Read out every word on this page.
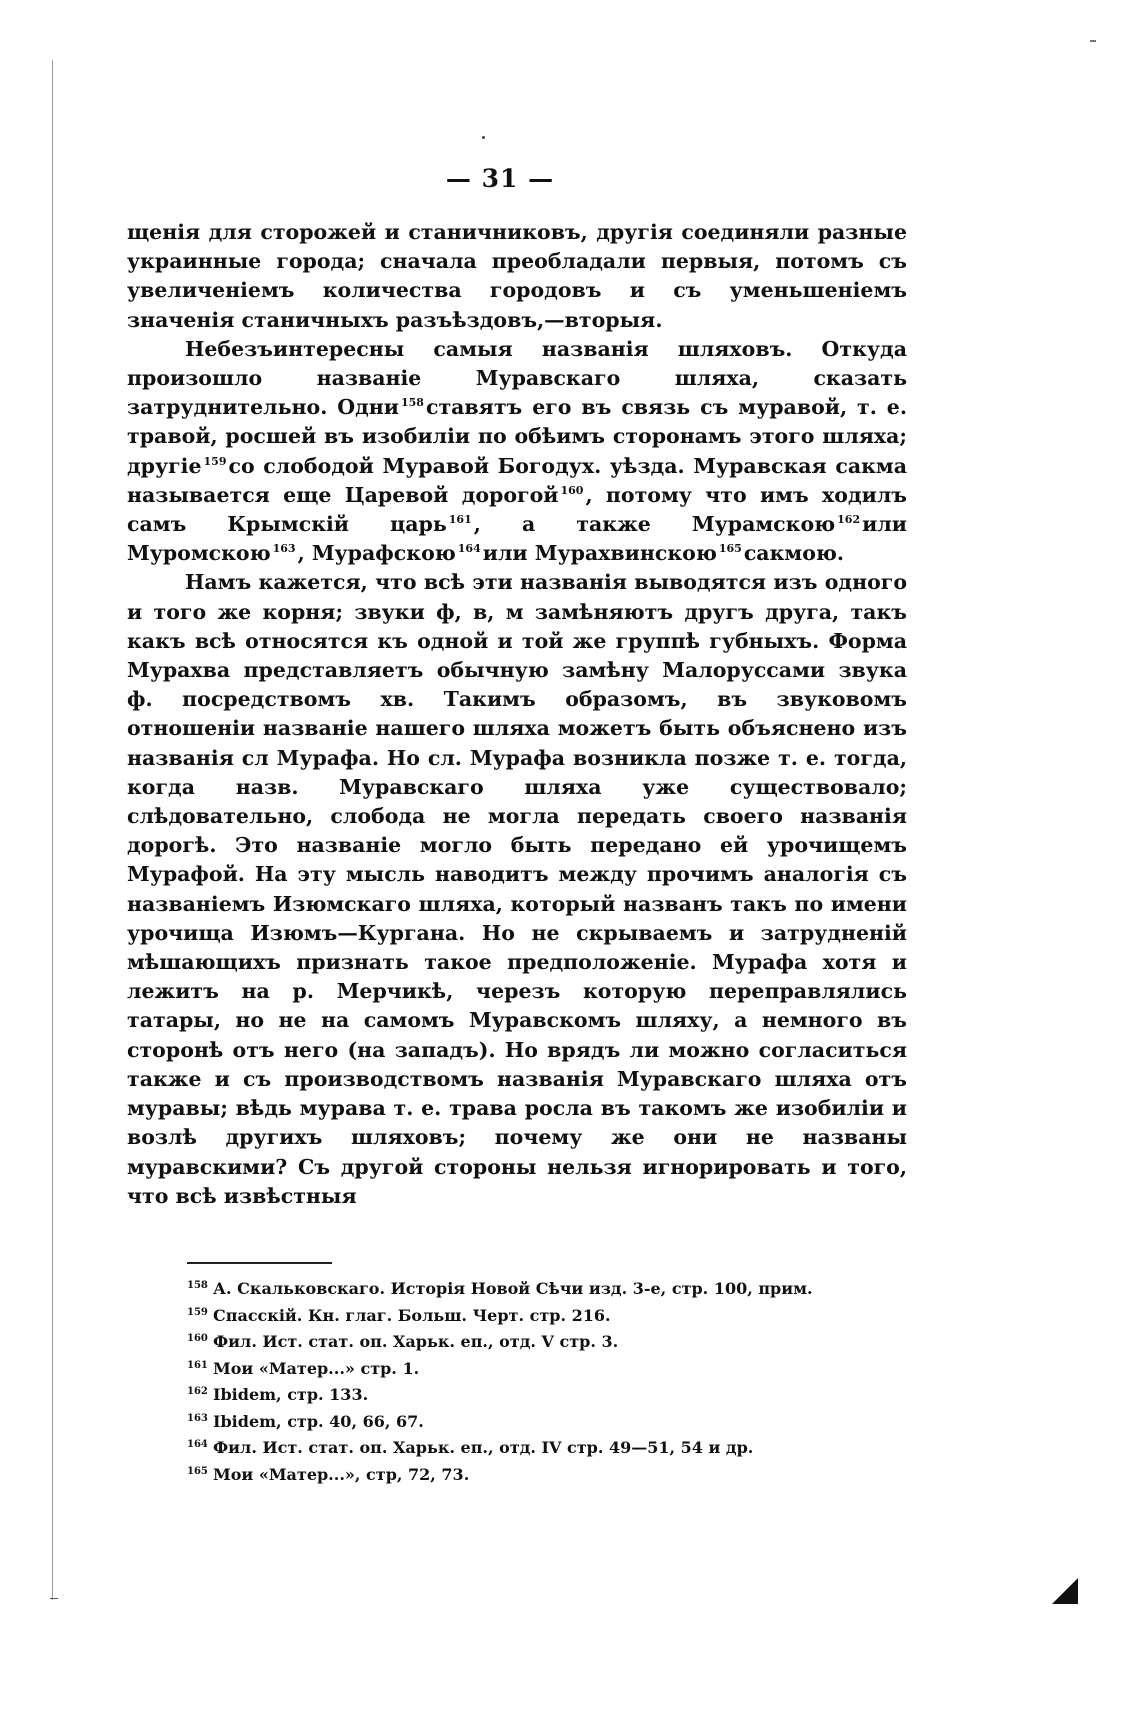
— 31 —

щенія для сторожей и станичниковъ, другія соединяли разные украинные города; сначала преобладали первыя, потомъ съ увеличеніемъ количества городовъ и съ уменьшеніемъ значенія станичныхъ разъѣздовъ,—вторыя.

Небезъинтересны самыя названія шляховъ. Откуда произошло названіе Муравскаго шляха, сказать затруднительно. Одни $^{158}$ставятъ его въ связь съ муравой, т. е. травой, росшей въ изобиліи по обѣимъ сторонамъ этого шляха; другіе $^{159}$со слободой Муравой Богодух. уѣзда. Муравская сакма называется еще Царевой дорогой $^{160}$, потому что имъ ходилъ самъ Крымскій царь $^{161}$, а также Мурамскою $^{162}$или Муромскою $^{163}$, Мурафскою $^{164}$или Мурахвинскою $^{165}$сакмою.

Намъ кажется, что всѣ эти названія выводятся изъ одного и того же корня; звуки ф, в, м замѣняютъ другъ друга, такъ какъ всѣ относятся къ одной и той же группѣ губныхъ. Форма Мурахва представляетъ обычную замѣну Малоруссами звука ф. посредствомъ хв. Такимъ образомъ, въ звуковомъ отношеніи названіе нашего шляха можетъ быть объяснено изъ названія сл Мурафа. Но сл. Мурафа возникла позже т. е. тогда, когда назв. Муравскаго шляха уже существовало; слѣдовательно, слобода не могла передать своего названія дорогѣ. Это названіе могло быть передано ей урочищемъ Мурафой. На эту мысль наводитъ между прочимъ аналогія съ названіемъ Изюмскаго шляха, который названъ такъ по имени урочища Изюмъ—Кургана. Но не скрываемъ и затрудненій мѣшающихъ признать такое предположеніе. Мурафа хотя и лежитъ на р. Мерчикѣ, черезъ которую переправлялись татары, но не на самомъ Муравскомъ шляху, а немного въ сторонѣ отъ него (на западъ). Но врядъ ли можно согласиться также и съ производствомъ названія Муравскаго шляха отъ муравы; вѣдь мурава т. е. трава росла въ такомъ же изобиліи и возлѣ другихъ шляховъ; почему же они не названы муравскими? Съ другой стороны нельзя игнорировать и того, что всѣ извѣстныя

158 А. Скальковскаго. Исторія Новой Сѣчи изд. 3-е, стр. 100, прим.
159 Спасскій. Кн. глаг. Больш. Черт. стр. 216.
160 Фил. Ист. стат. оп. Харьк. еп., отд. V стр. 3.
161 Мои «Матер...» стр. 1.
162 Ibidem, стр. 133.
163 Ibidem, стр. 40, 66, 67.
164 Фил. Ист. стат. оп. Харьк. еп., отд. IV стр. 49—51, 54 и др.
165 Мои «Матер...», стр, 72, 73.
